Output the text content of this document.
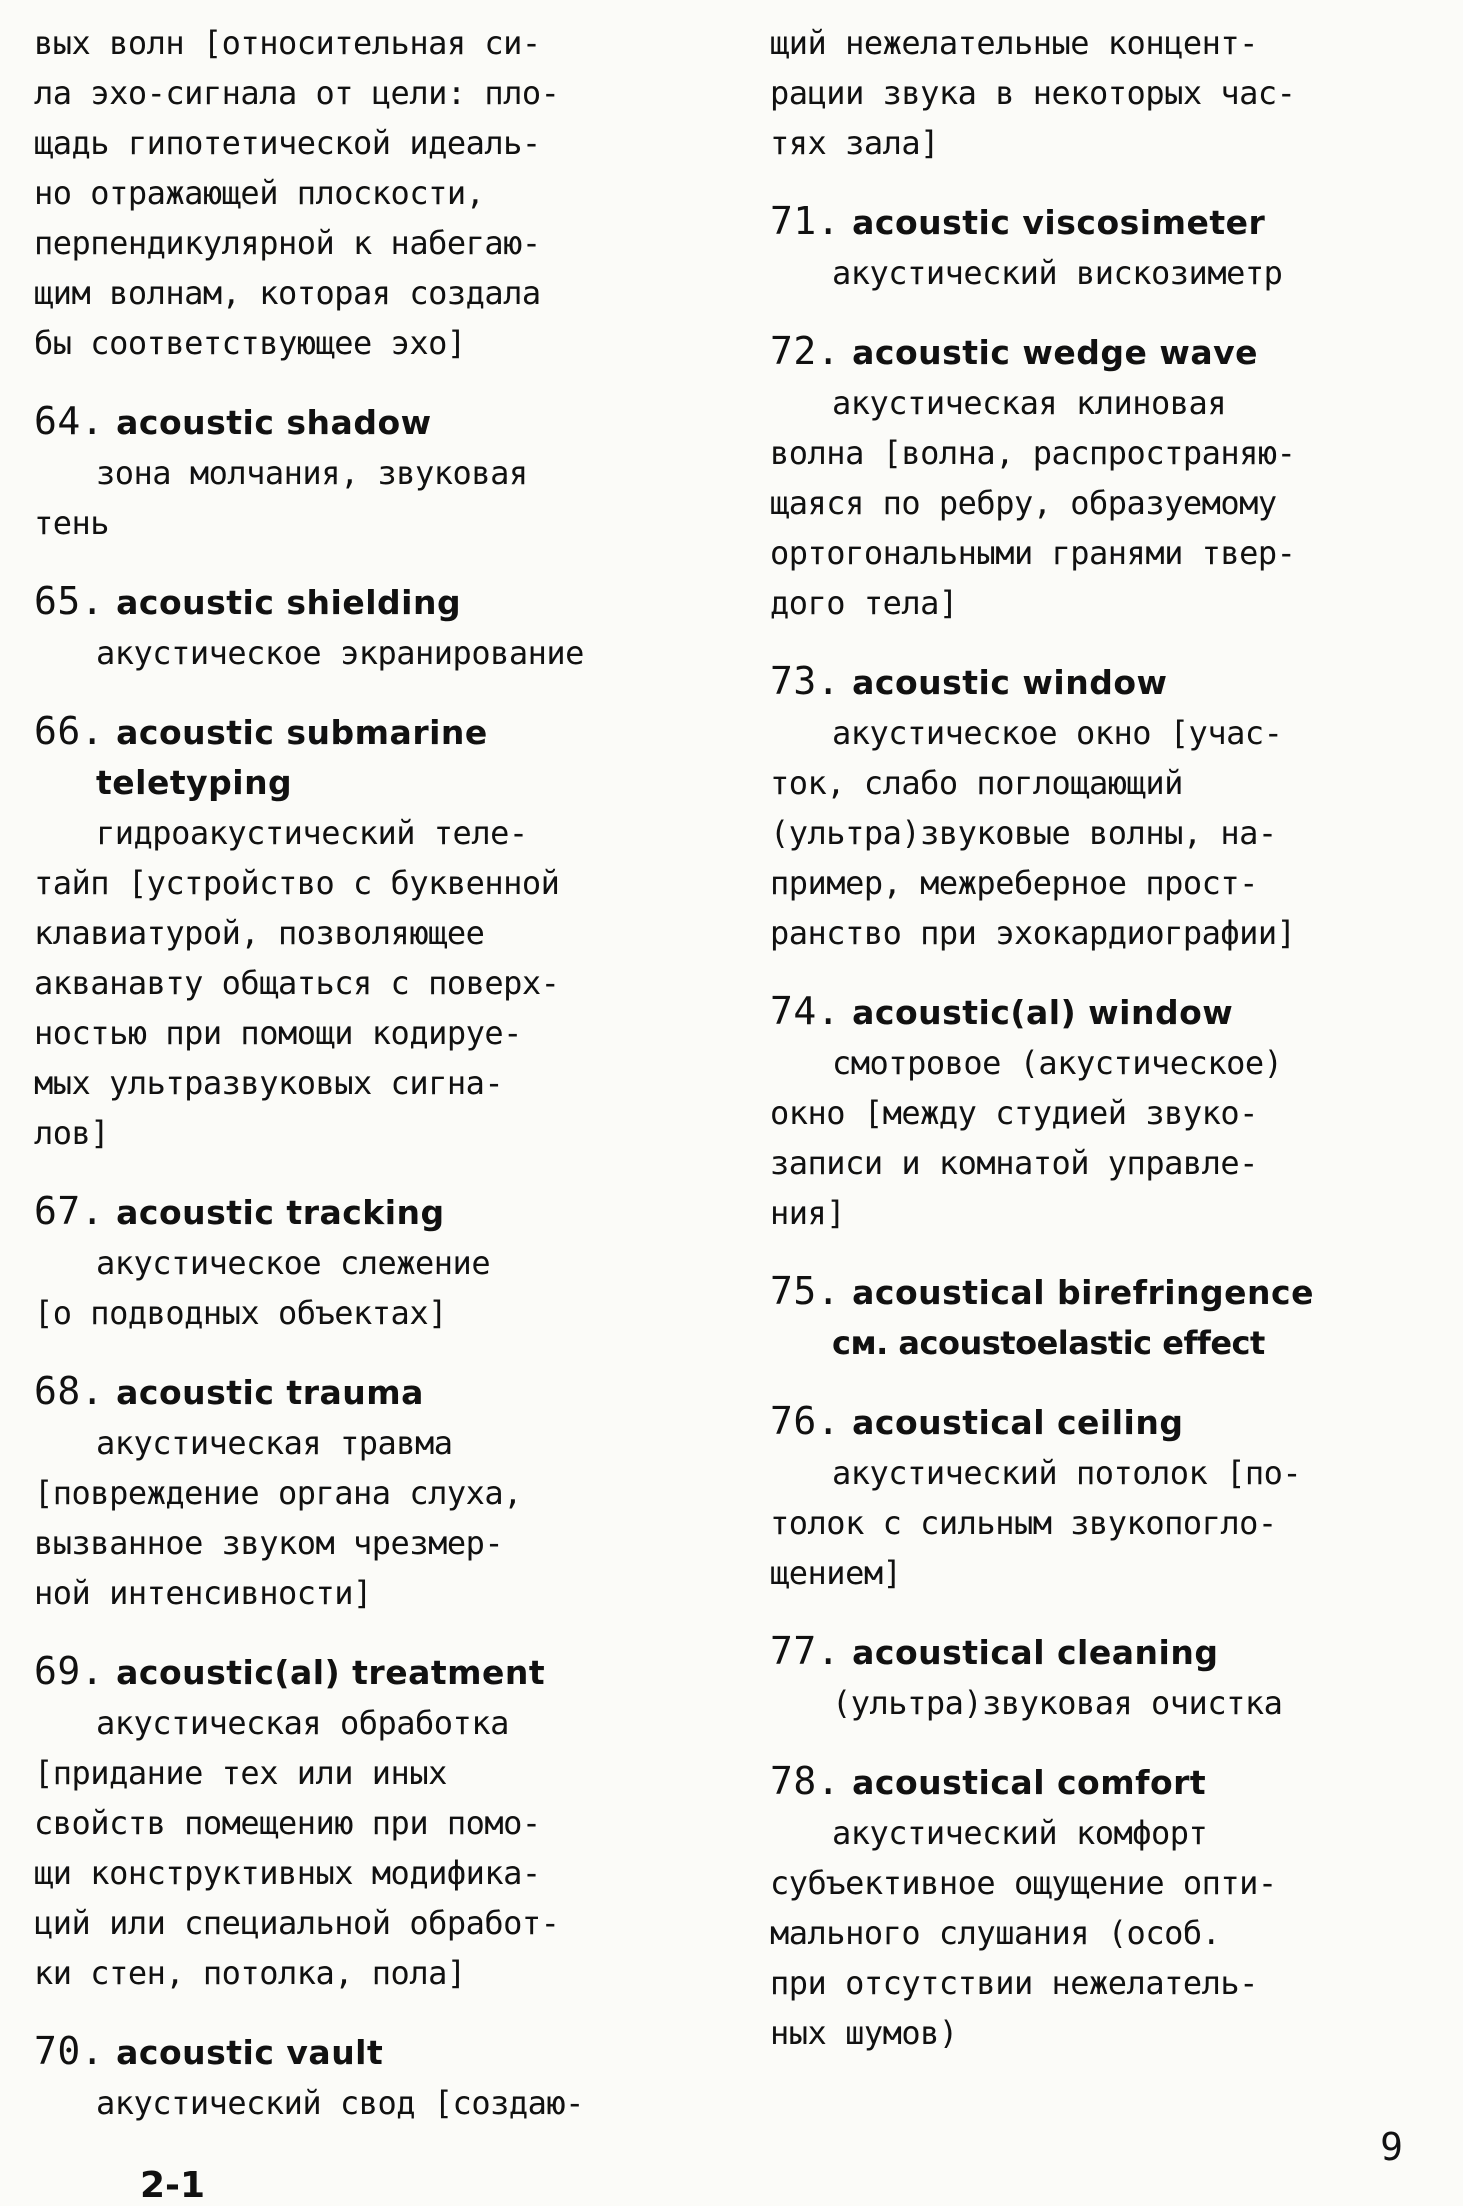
вых волн [относительная си-
ла эхо-сигнала от цели: пло-
щадь гипотетической идеаль-
но отражающей плоскости,
перпендикулярной к набегаю-
щим волнам, которая создала
бы соответствующее эхо]
64. acoustic shadow
зона молчания, звуковая
тень
65. acoustic shielding
акустическое экранирование
66. acoustic submarine
teletyping
гидроакустический теле-
тайп [устройство с буквенной
клавиатурой, позволяющее
акванавту общаться с поверх-
ностью при помощи кодируе-
мых ультразвуковых сигна-
лов]
67. acoustic tracking
акустическое слежение
[о подводных объектах]
68. acoustic trauma
акустическая травма
[повреждение органа слуха,
вызванное звуком чрезмер-
ной интенсивности]
69. acoustic(al) treatment
акустическая обработка
[придание тех или иных
свойств помещению при помо-
щи конструктивных модифика-
ций или специальной обработ-
ки стен, потолка, пола]
70. acoustic vault
акустический свод [создаю-
щий нежелательные концент-
рации звука в некоторых час-
тях зала]
71. acoustic viscosimeter
акустический вискозиметр
72. acoustic wedge wave
акустическая клиновая
волна [волна, распространяю-
щаяся по ребру, образуемому
ортогональными гранями твер-
дого тела]
73. acoustic window
акустическое окно [учас-
ток, слабо поглощающий
(ультра)звуковые волны, на-
пример, межреберное прост-
ранство при эхокардиографии]
74. acoustic(al) window
смотровое (акустическое)
окно [между студией звуко-
записи и комнатой управле-
ния]
75. acoustical birefringence
см. acoustoelastic effect
76. acoustical ceiling
акустический потолок [по-
толок с сильным звукопогло-
щением]
77. acoustical cleaning
(ультра)звуковая очистка
78. acoustical comfort
акустический комфорт
субъективное ощущение опти-
мального слушания (особ.
при отсутствии нежелатель-
ных шумов)
9
2-1
